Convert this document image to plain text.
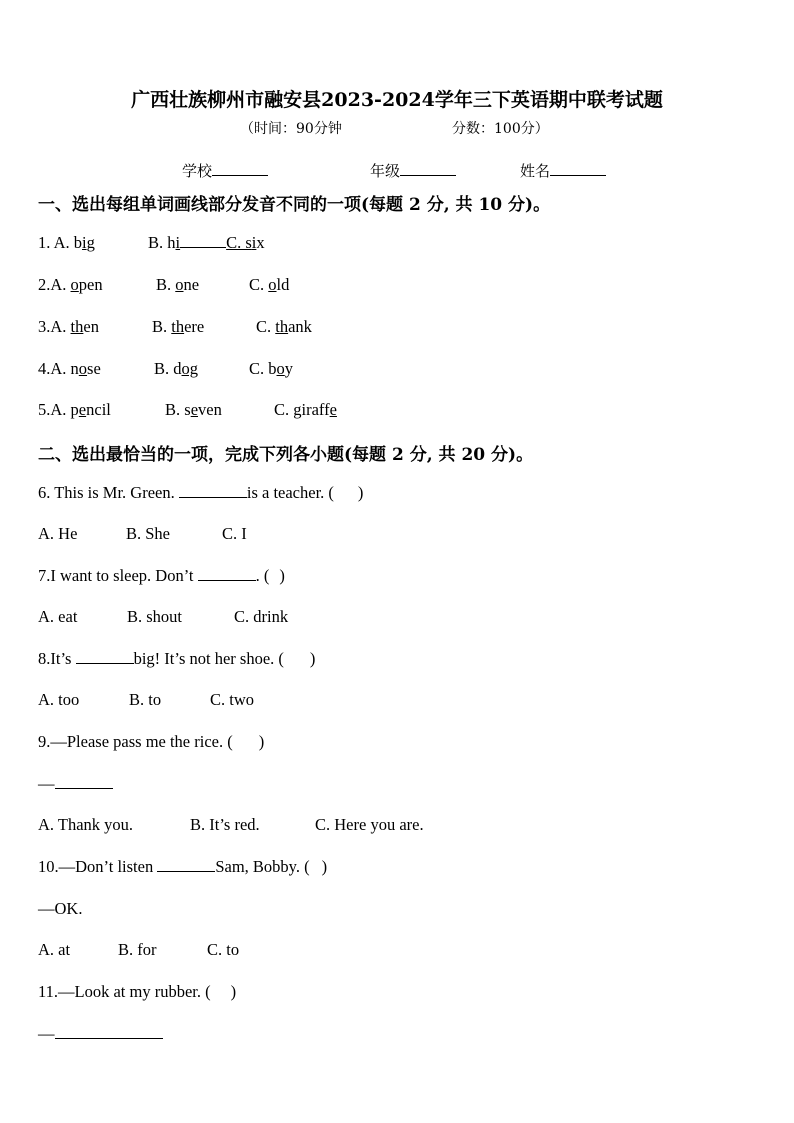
广西壮族柳州市融安县2023-2024学年三下英语期中联考试题
（时间：90分钟	分数：100分）
学校	年级	姓名
一、选出每组单词画线部分发音不同的一项(每题 2 分, 共 10 分)。
1. A. big	B. hi	C. six
2.A. open	B. one	C. old
3.A. then	B. there	C. thank
4.A. nose	B. dog	C. boy
5.A. pencil	B. seven	C. giraffe
二、选出最恰当的一项，完成下列各小题(每题 2 分, 共 20 分)。
6. This is Mr. Green.	is a teacher. ( )
A. He	B. She	C. I
7.I want to sleep. Don’t	. ( )
A. eat	B. shout	C. drink
8.It’s	big! It’s not her shoe. ( )
A. too	B. to	C. two
9.—Please pass me the rice. ( )
—
A. Thank you.	B. It’s red.	C. Here you are.
10.—Don’t listen	Sam, Bobby. ( )
—OK.
A. at	B. for	C. to
11.—Look at my rubber. ( )
—
